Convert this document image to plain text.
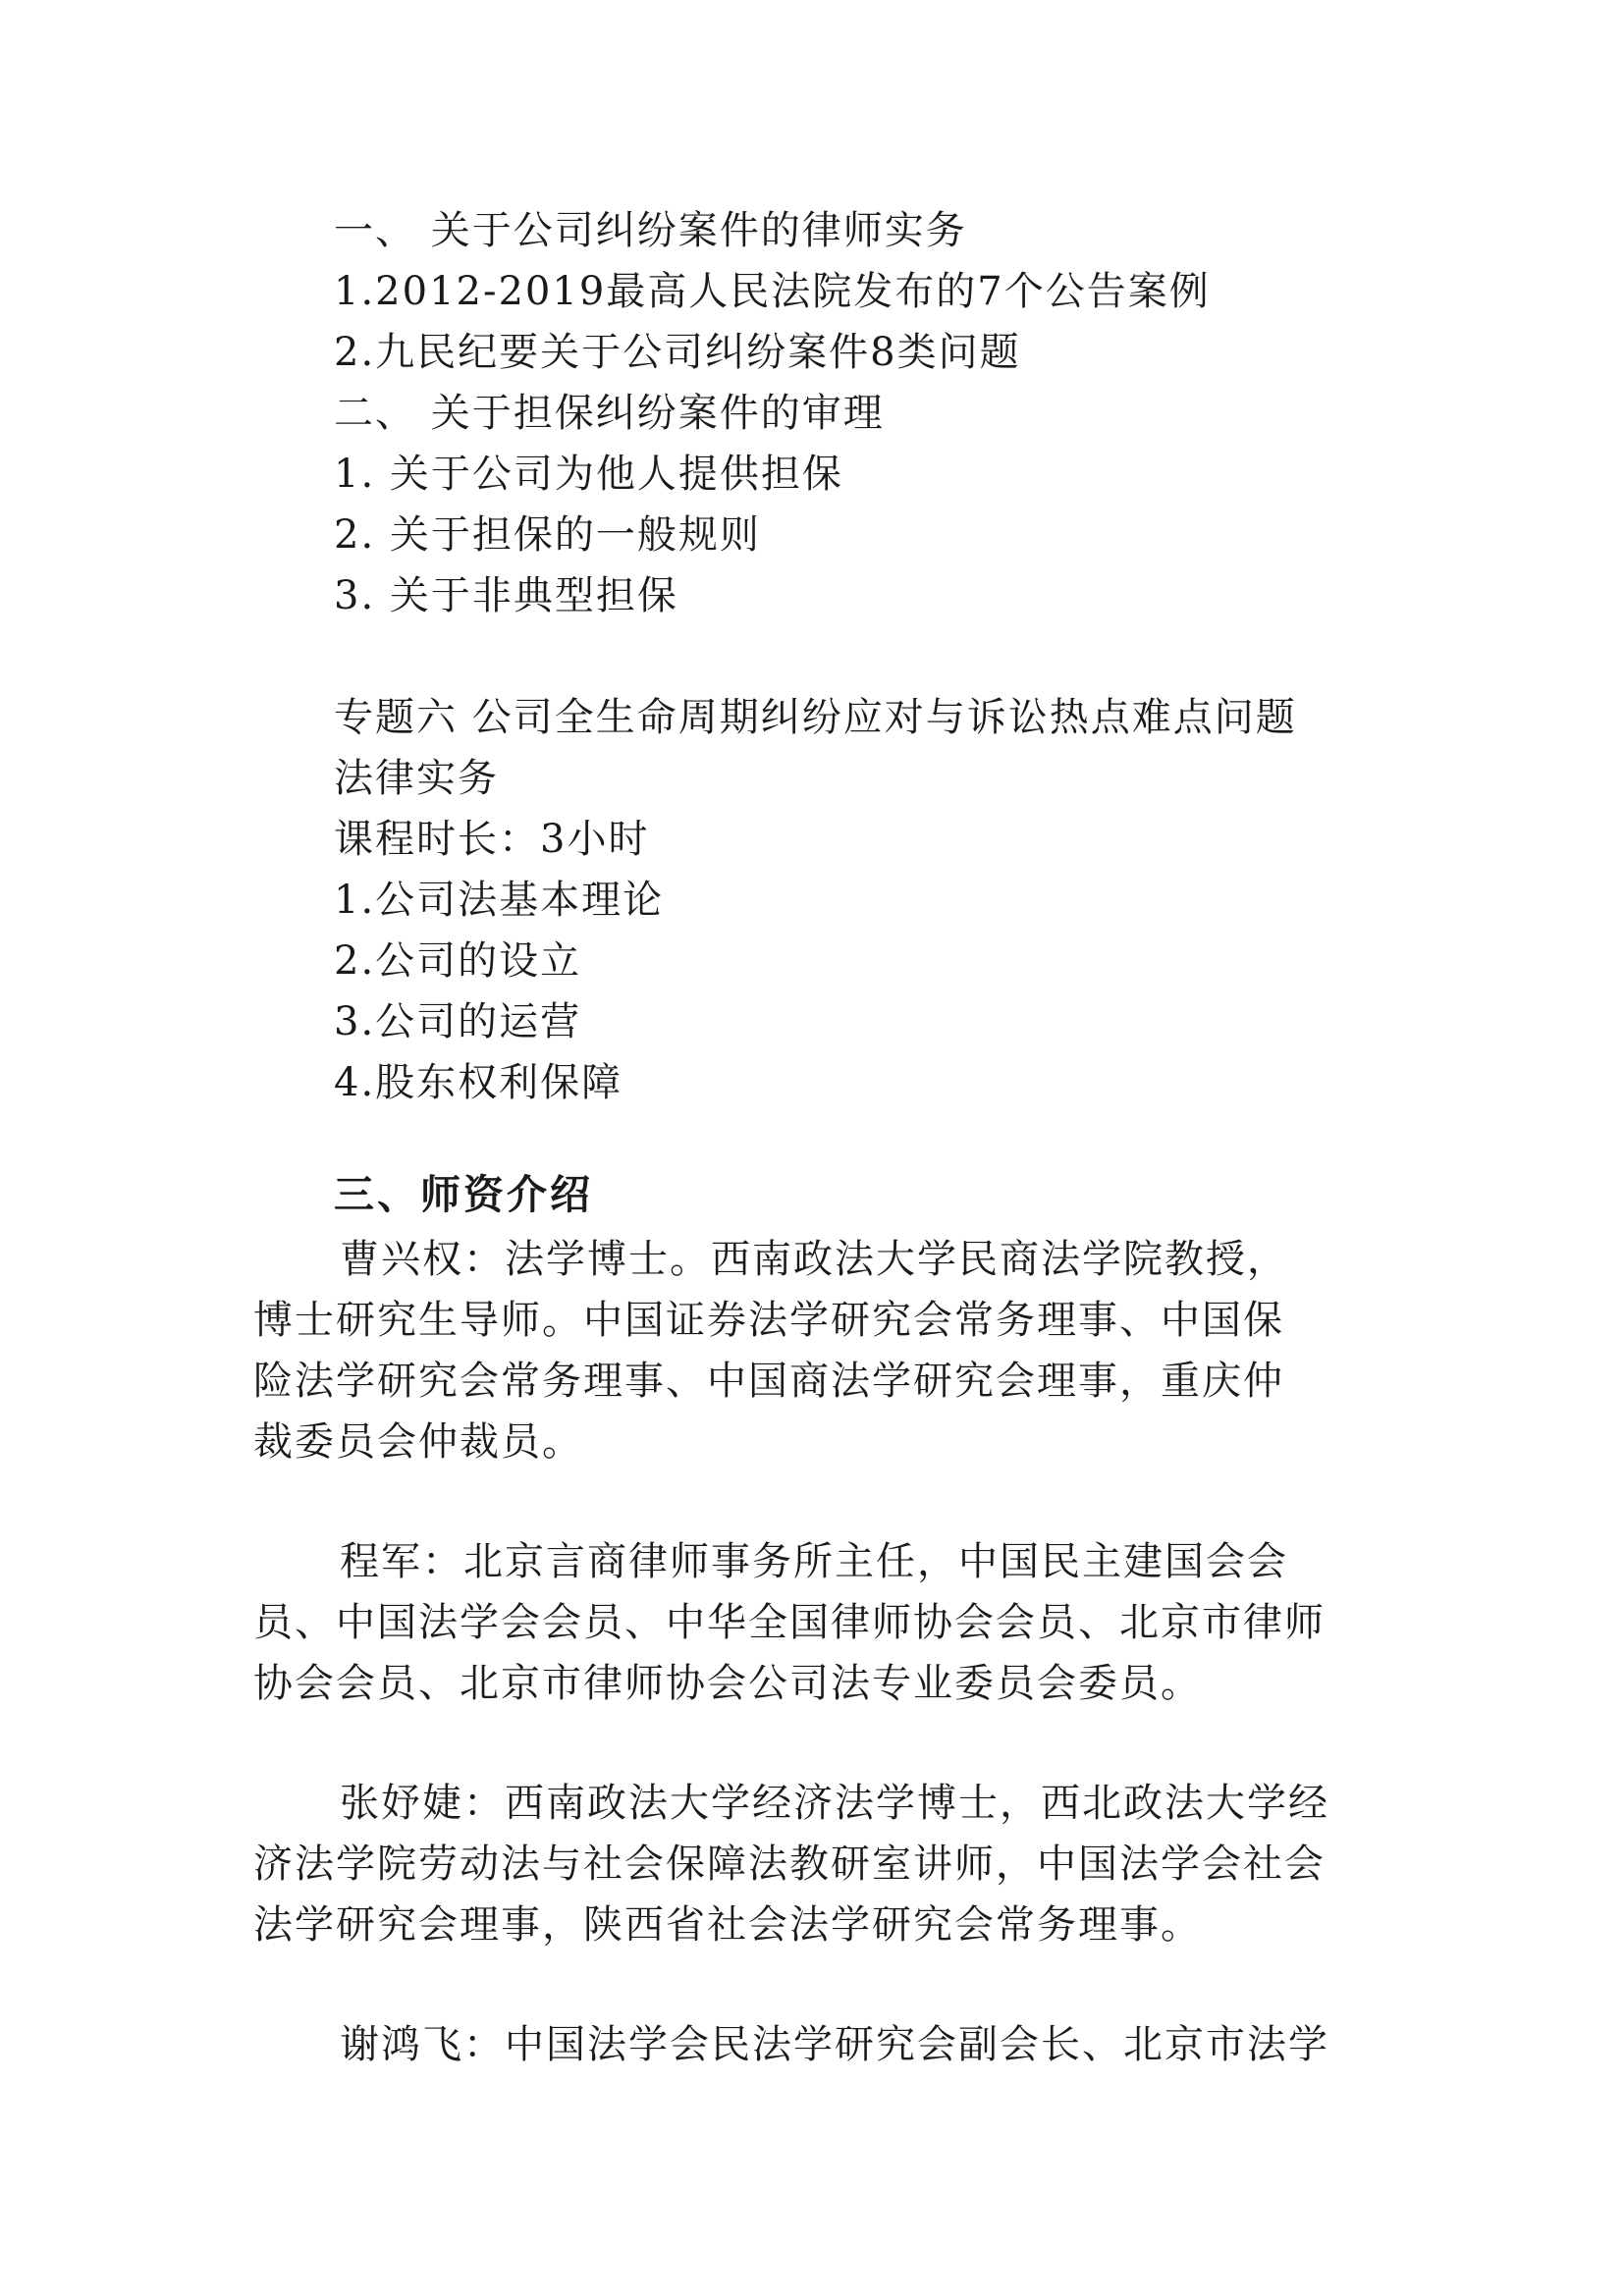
一、 关于公司纠纷案件的律师实务
1.2012-2019最高人民法院发布的7个公告案例
2.九民纪要关于公司纠纷案件8类问题
二、 关于担保纠纷案件的审理
1. 关于公司为他人提供担保
2. 关于担保的一般规则
3. 关于非典型担保
专题六 公司全生命周期纠纷应对与诉讼热点难点问题
法律实务
课程时长：3小时
1.公司法基本理论
2.公司的设立
3.公司的运营
4.股东权利保障
三、师资介绍
曹兴权：法学博士。西南政法大学民商法学院教授，
博士研究生导师。中国证券法学研究会常务理事、中国保
险法学研究会常务理事、中国商法学研究会理事，重庆仲
裁委员会仲裁员。
程军：北京言商律师事务所主任，中国民主建国会会
员、中国法学会会员、中华全国律师协会会员、北京市律师
协会会员、北京市律师协会公司法专业委员会委员。
张妤婕：西南政法大学经济法学博士，西北政法大学经
济法学院劳动法与社会保障法教研室讲师，中国法学会社会
法学研究会理事，陕西省社会法学研究会常务理事。
谢鸿飞：中国法学会民法学研究会副会长、北京市法学
